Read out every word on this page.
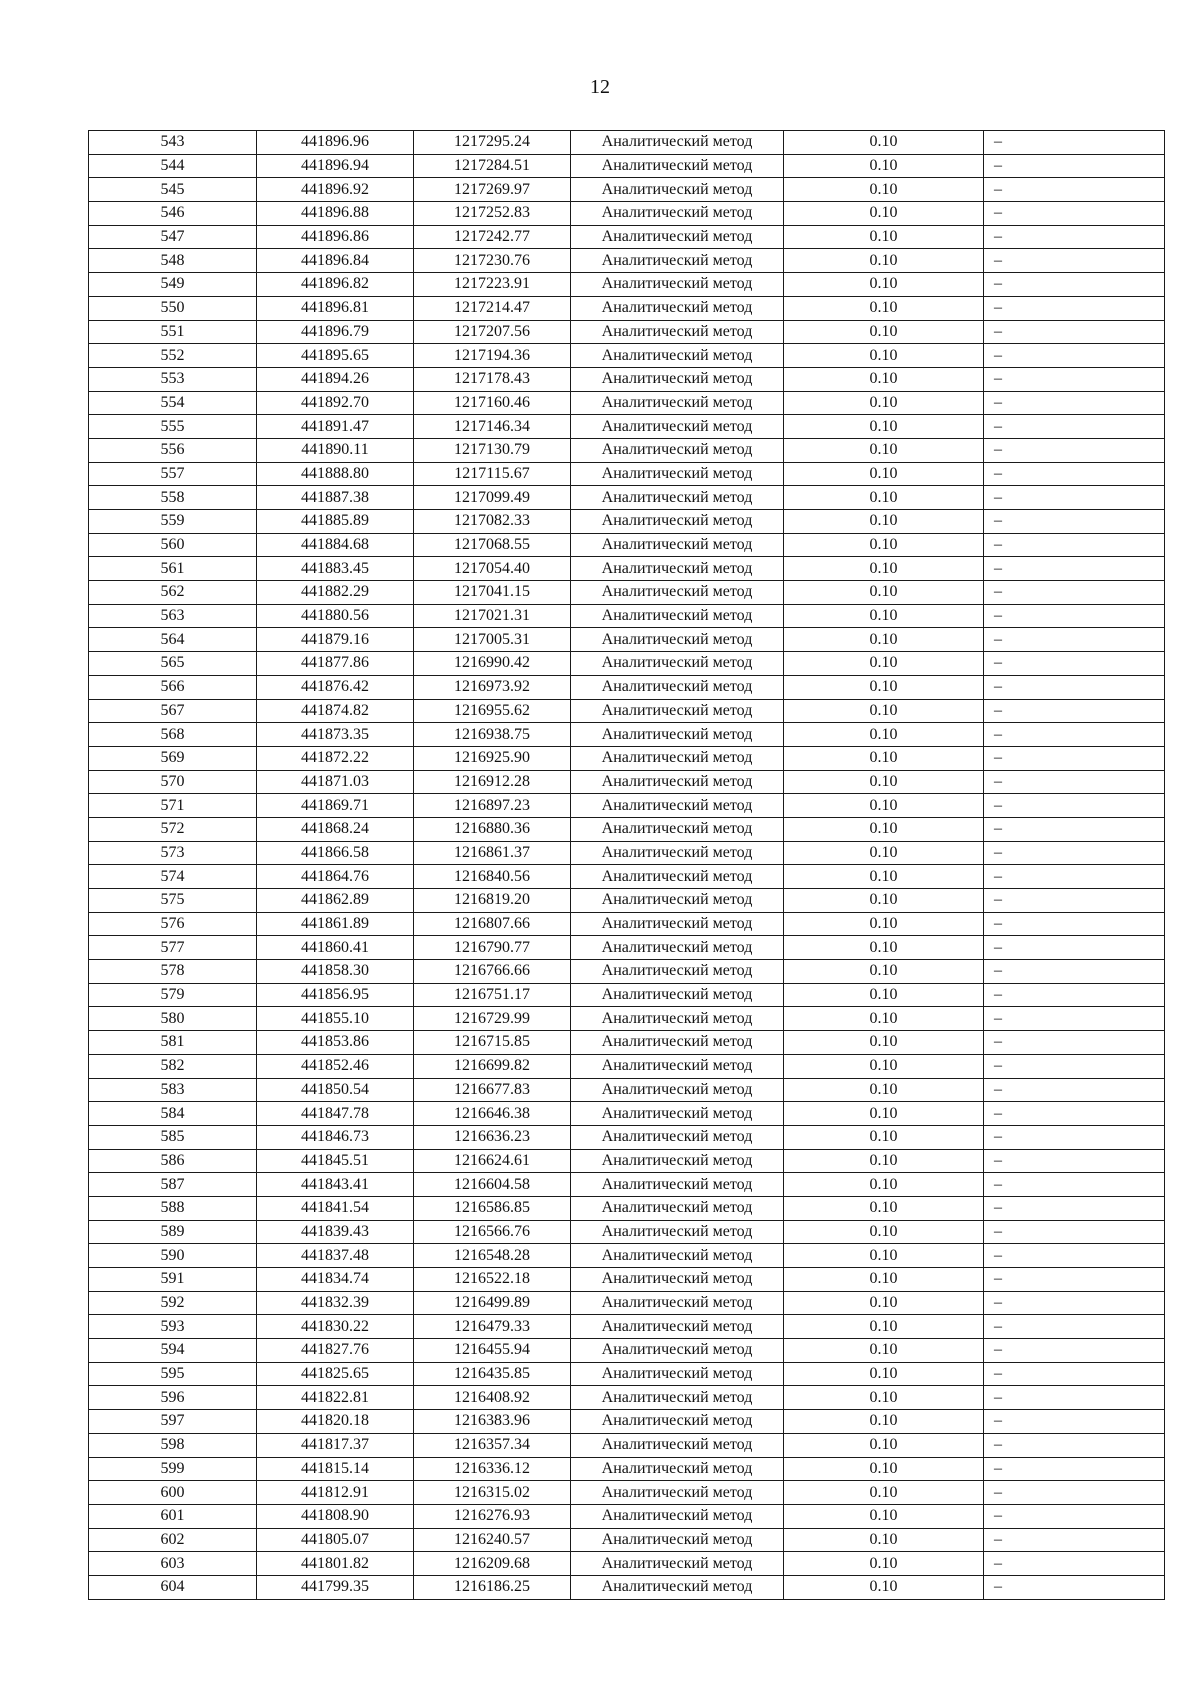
12
543	441896.96	1217295.24	Аналитический метод	0.10	–
544	441896.94	1217284.51	Аналитический метод	0.10	–
545	441896.92	1217269.97	Аналитический метод	0.10	–
546	441896.88	1217252.83	Аналитический метод	0.10	–
547	441896.86	1217242.77	Аналитический метод	0.10	–
548	441896.84	1217230.76	Аналитический метод	0.10	–
549	441896.82	1217223.91	Аналитический метод	0.10	–
550	441896.81	1217214.47	Аналитический метод	0.10	–
551	441896.79	1217207.56	Аналитический метод	0.10	–
552	441895.65	1217194.36	Аналитический метод	0.10	–
553	441894.26	1217178.43	Аналитический метод	0.10	–
554	441892.70	1217160.46	Аналитический метод	0.10	–
555	441891.47	1217146.34	Аналитический метод	0.10	–
556	441890.11	1217130.79	Аналитический метод	0.10	–
557	441888.80	1217115.67	Аналитический метод	0.10	–
558	441887.38	1217099.49	Аналитический метод	0.10	–
559	441885.89	1217082.33	Аналитический метод	0.10	–
560	441884.68	1217068.55	Аналитический метод	0.10	–
561	441883.45	1217054.40	Аналитический метод	0.10	–
562	441882.29	1217041.15	Аналитический метод	0.10	–
563	441880.56	1217021.31	Аналитический метод	0.10	–
564	441879.16	1217005.31	Аналитический метод	0.10	–
565	441877.86	1216990.42	Аналитический метод	0.10	–
566	441876.42	1216973.92	Аналитический метод	0.10	–
567	441874.82	1216955.62	Аналитический метод	0.10	–
568	441873.35	1216938.75	Аналитический метод	0.10	–
569	441872.22	1216925.90	Аналитический метод	0.10	–
570	441871.03	1216912.28	Аналитический метод	0.10	–
571	441869.71	1216897.23	Аналитический метод	0.10	–
572	441868.24	1216880.36	Аналитический метод	0.10	–
573	441866.58	1216861.37	Аналитический метод	0.10	–
574	441864.76	1216840.56	Аналитический метод	0.10	–
575	441862.89	1216819.20	Аналитический метод	0.10	–
576	441861.89	1216807.66	Аналитический метод	0.10	–
577	441860.41	1216790.77	Аналитический метод	0.10	–
578	441858.30	1216766.66	Аналитический метод	0.10	–
579	441856.95	1216751.17	Аналитический метод	0.10	–
580	441855.10	1216729.99	Аналитический метод	0.10	–
581	441853.86	1216715.85	Аналитический метод	0.10	–
582	441852.46	1216699.82	Аналитический метод	0.10	–
583	441850.54	1216677.83	Аналитический метод	0.10	–
584	441847.78	1216646.38	Аналитический метод	0.10	–
585	441846.73	1216636.23	Аналитический метод	0.10	–
586	441845.51	1216624.61	Аналитический метод	0.10	–
587	441843.41	1216604.58	Аналитический метод	0.10	–
588	441841.54	1216586.85	Аналитический метод	0.10	–
589	441839.43	1216566.76	Аналитический метод	0.10	–
590	441837.48	1216548.28	Аналитический метод	0.10	–
591	441834.74	1216522.18	Аналитический метод	0.10	–
592	441832.39	1216499.89	Аналитический метод	0.10	–
593	441830.22	1216479.33	Аналитический метод	0.10	–
594	441827.76	1216455.94	Аналитический метод	0.10	–
595	441825.65	1216435.85	Аналитический метод	0.10	–
596	441822.81	1216408.92	Аналитический метод	0.10	–
597	441820.18	1216383.96	Аналитический метод	0.10	–
598	441817.37	1216357.34	Аналитический метод	0.10	–
599	441815.14	1216336.12	Аналитический метод	0.10	–
600	441812.91	1216315.02	Аналитический метод	0.10	–
601	441808.90	1216276.93	Аналитический метод	0.10	–
602	441805.07	1216240.57	Аналитический метод	0.10	–
603	441801.82	1216209.68	Аналитический метод	0.10	–
604	441799.35	1216186.25	Аналитический метод	0.10	–
